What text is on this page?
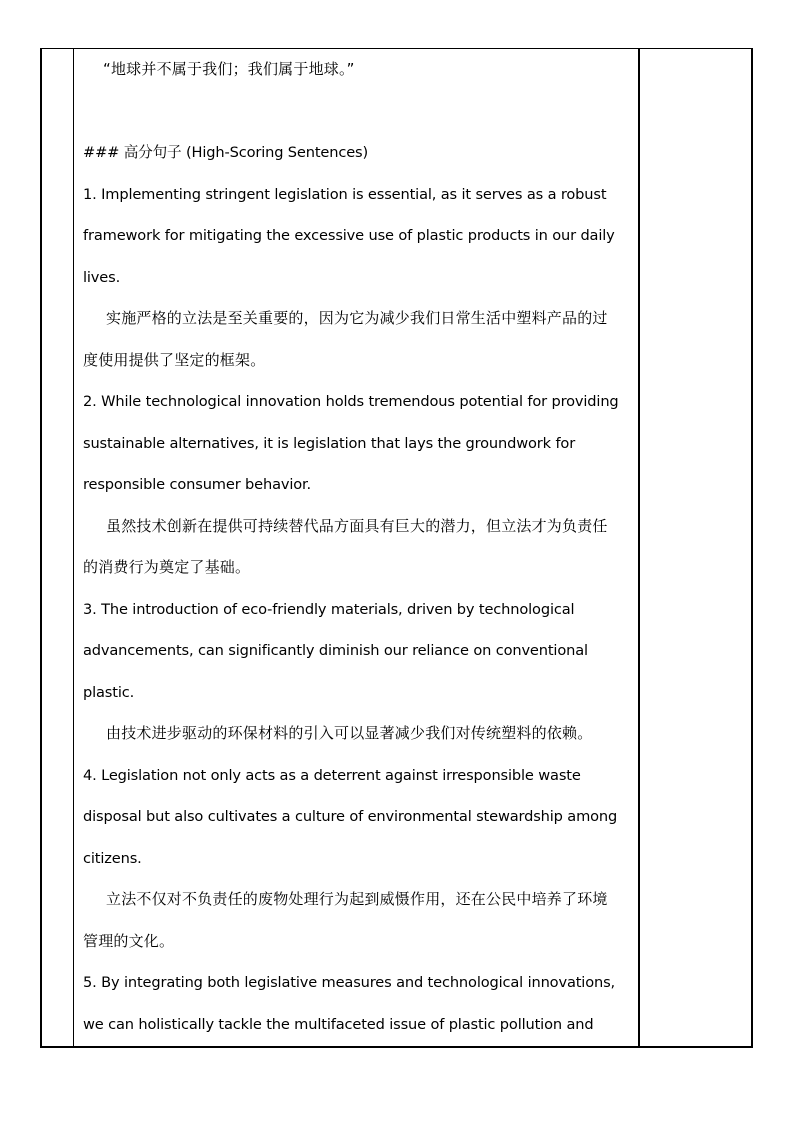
“地球并不属于我们；我们属于地球。”
### 高分句子 (High-Scoring Sentences)
1. Implementing stringent legislation is essential, as it serves as a robust
framework for mitigating the excessive use of plastic products in our daily
lives.
实施严格的立法是至关重要的，因为它为减少我们日常生活中塑料产品的过
度使用提供了坚定的框架。
2. While technological innovation holds tremendous potential for providing
sustainable alternatives, it is legislation that lays the groundwork for
responsible consumer behavior.
虽然技术创新在提供可持续替代品方面具有巨大的潜力，但立法才为负责任
的消费行为奠定了基础。
3. The introduction of eco-friendly materials, driven by technological
advancements, can significantly diminish our reliance on conventional
plastic.
由技术进步驱动的环保材料的引入可以显著减少我们对传统塑料的依赖。
4. Legislation not only acts as a deterrent against irresponsible waste
disposal but also cultivates a culture of environmental stewardship among
citizens.
立法不仅对不负责任的废物处理行为起到威慑作用，还在公民中培养了环境
管理的文化。
5. By integrating both legislative measures and technological innovations,
we can holistically tackle the multifaceted issue of plastic pollution and
